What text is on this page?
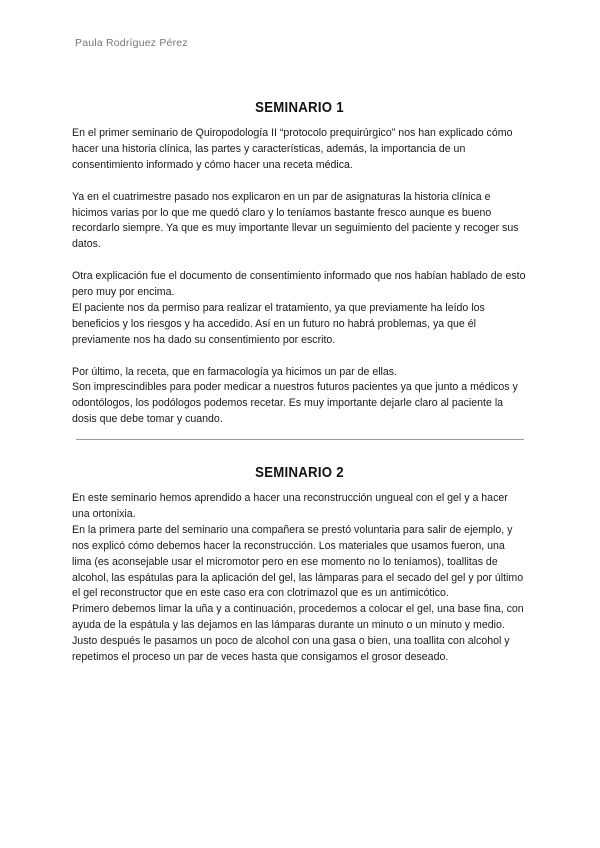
Paula Rodríguez Pérez
SEMINARIO 1

En el primer seminario de Quiropodología II “protocolo prequirúrgico” nos han explicado cómo hacer una historia clínica, las partes y características, además, la importancia de un consentimiento informado y cómo hacer una receta médica.

Ya en el cuatrimestre pasado nos explicaron en un par de asignaturas la historia clínica e hicimos varias por lo que me quedó claro y lo teníamos bastante fresco aunque es bueno recordarlo siempre. Ya que es muy importante llevar un seguimiento del paciente y recoger sus datos.

Otra explicación fue el documento de consentimiento informado que nos habían hablado de esto pero muy por encima.

El paciente nos da permiso para realizar el tratamiento, ya que previamente ha leído los beneficios y los riesgos y ha accedido. Así en un futuro no habrá problemas, ya que él previamente nos ha dado su consentimiento por escrito.

Por último, la receta, que en farmacología ya hicimos un par de ellas.

Son imprescindibles para poder medicar a nuestros futuros pacientes ya que junto a médicos y odontólogos, los podólogos podemos recetar. Es muy importante dejarle claro al paciente la dosis que debe tomar y cuando.

SEMINARIO 2

En este seminario hemos aprendido a hacer una reconstrucción ungueal con el gel y a hacer una ortonixia.

En la primera parte del seminario una compañera se prestó voluntaria para salir de ejemplo, y nos explicó cómo debemos hacer la reconstrucción. Los materiales que usamos fueron, una lima (es aconsejable usar el micromotor pero en ese momento no lo teníamos), toallitas de alcohol, las espátulas para la aplicación del gel, las lámparas para el secado del gel y por último el gel reconstructor que en este caso era con clotrimazol que es un antimicótico.

Primero debemos limar la uña y a continuación, procedemos a colocar el gel, una base fina, con ayuda de la espátula y las dejamos en las lámparas durante un minuto o un minuto y medio. Justo después le pasamos un poco de alcohol con una gasa o bien, una toallita con alcohol y repetimos el proceso un par de veces hasta que consigamos el grosor deseado.
